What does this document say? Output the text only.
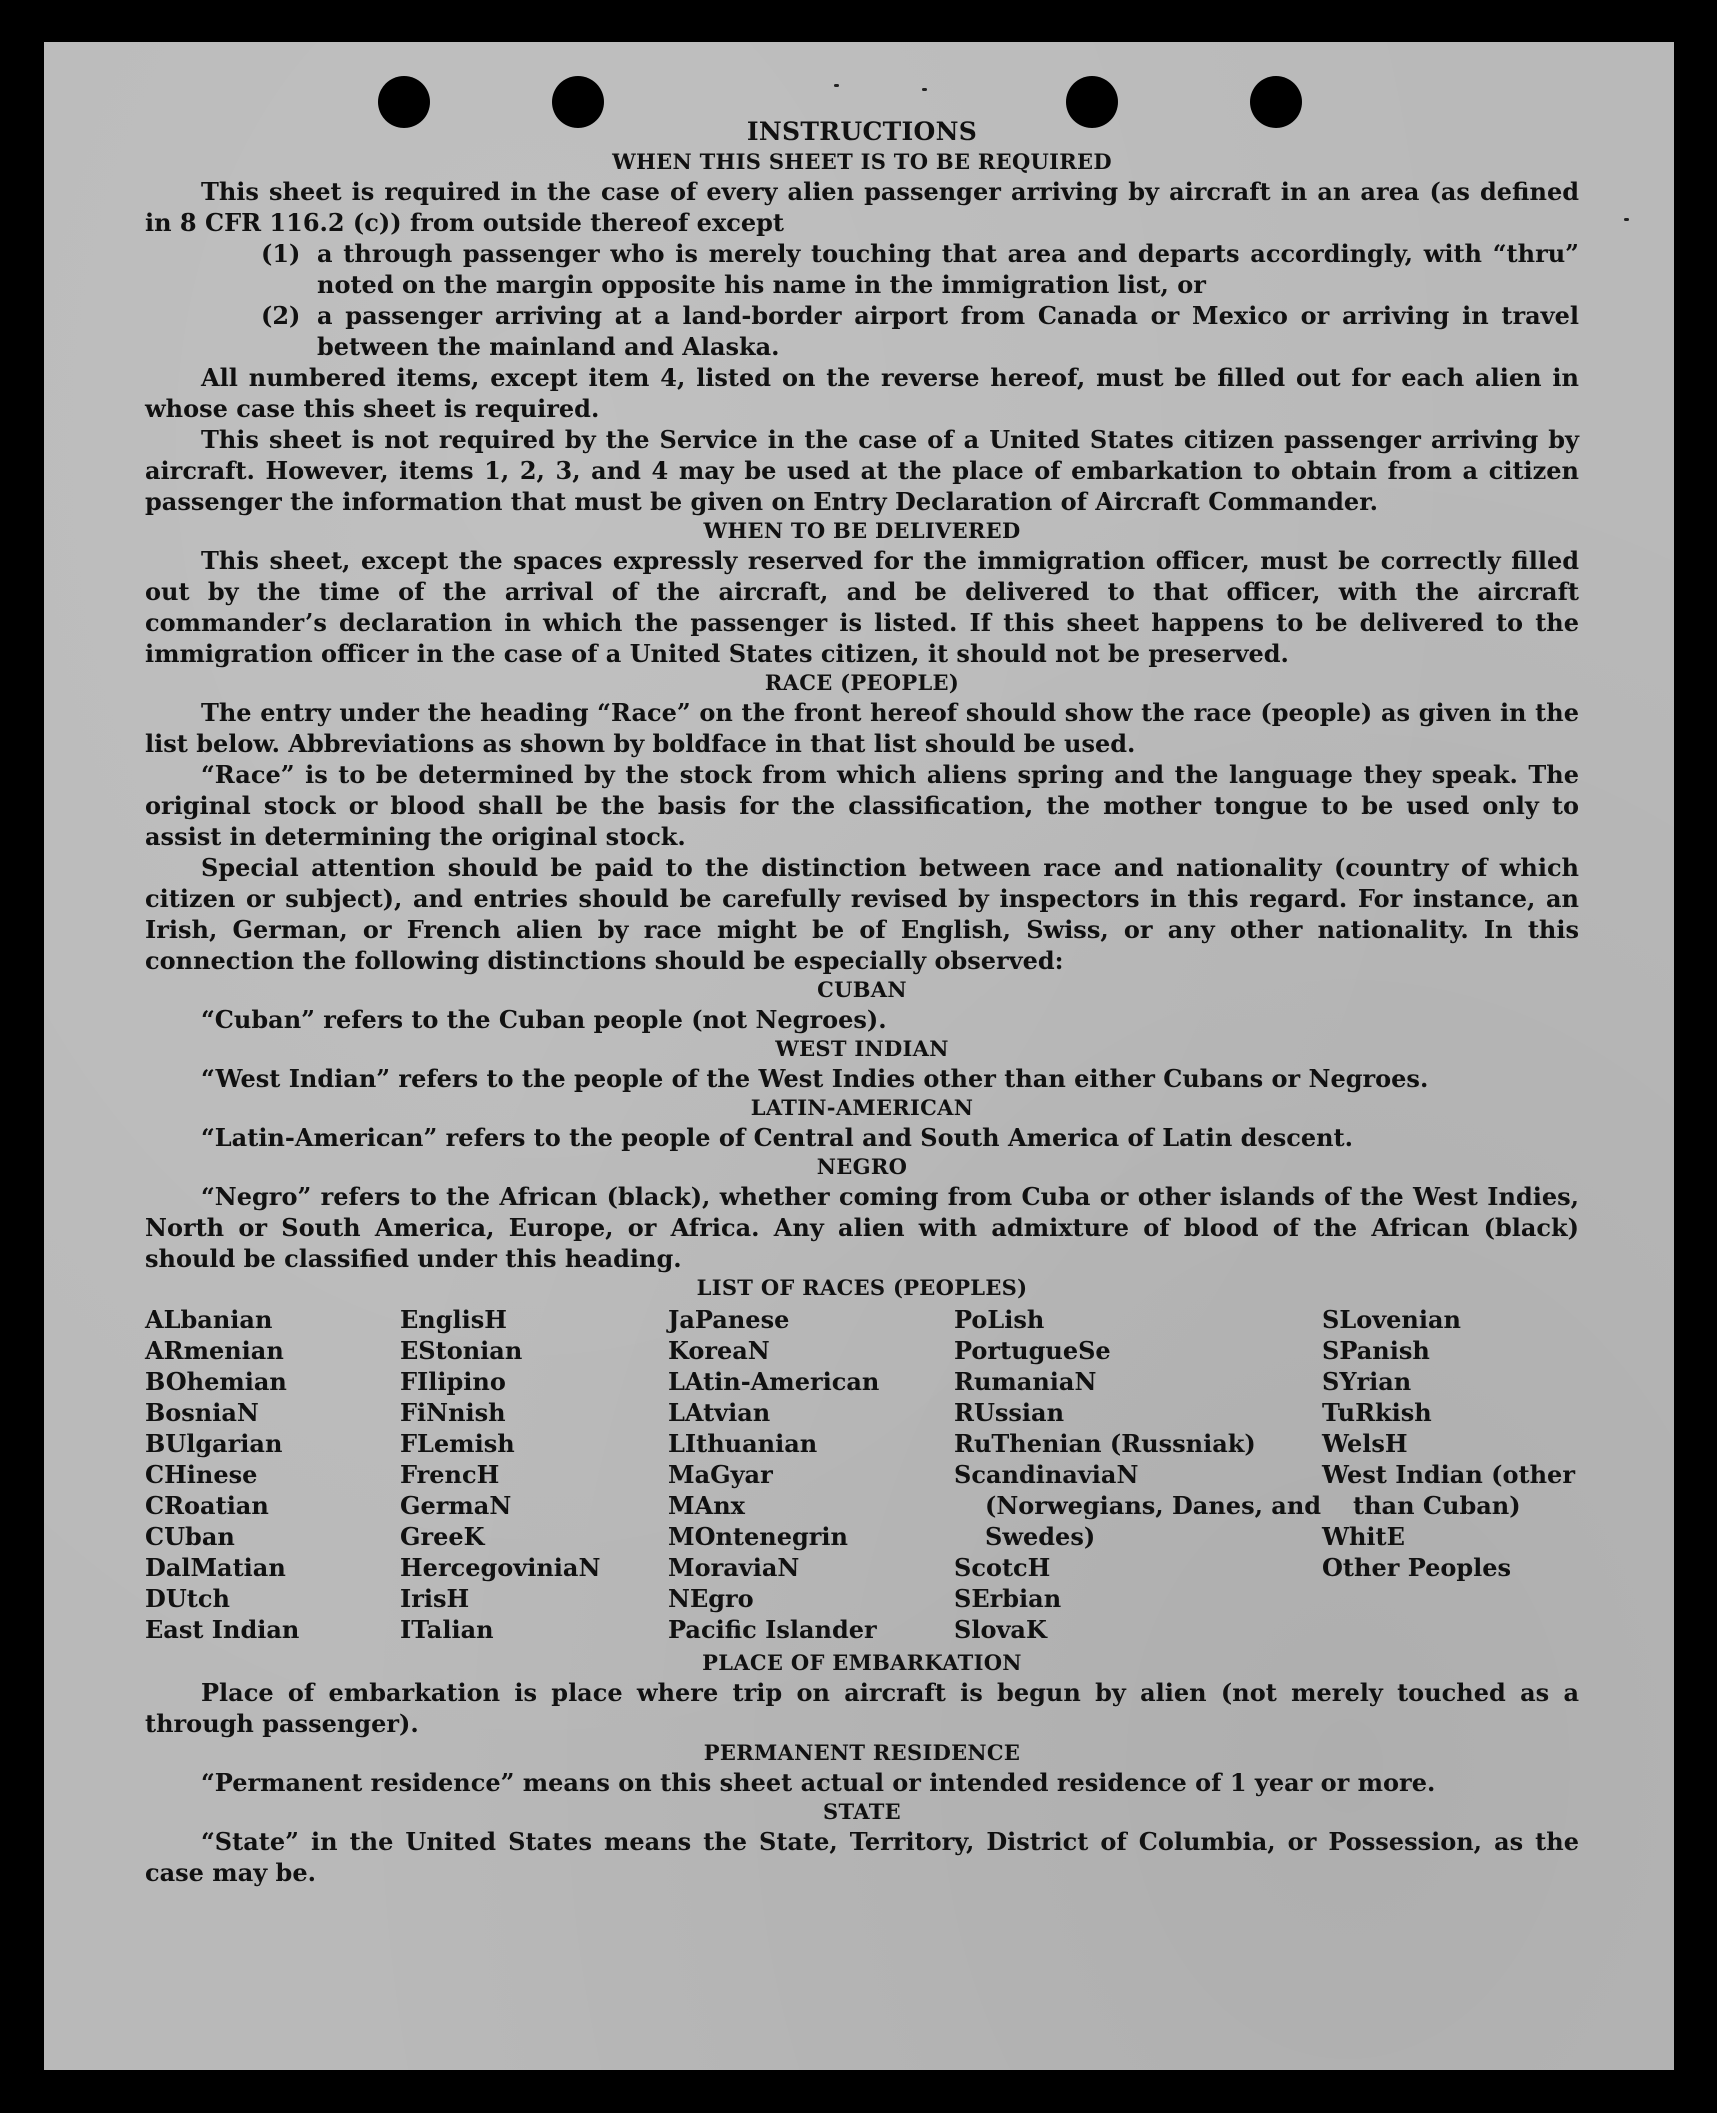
INSTRUCTIONS
WHEN THIS SHEET IS TO BE REQUIRED

This sheet is required in the case of every alien passenger arriving by aircraft in an area (as defined in 8 CFR 116.2 (c)) from outside thereof except

(1) a through passenger who is merely touching that area and departs accordingly, with “thru” noted on the margin opposite his name in the immigration list, or
(2) a passenger arriving at a land-border airport from Canada or Mexico or arriving in travel between the mainland and Alaska.

All numbered items, except item 4, listed on the reverse hereof, must be filled out for each alien in whose case this sheet is required.

This sheet is not required by the Service in the case of a United States citizen passenger arriving by aircraft. However, items 1, 2, 3, and 4 may be used at the place of embarkation to obtain from a citizen passenger the information that must be given on Entry Declaration of Aircraft Commander.

WHEN TO BE DELIVERED

This sheet, except the spaces expressly reserved for the immigration officer, must be correctly filled out by the time of the arrival of the aircraft, and be delivered to that officer, with the aircraft commander’s declaration in which the passenger is listed. If this sheet happens to be delivered to the immigration officer in the case of a United States citizen, it should not be preserved.

RACE (PEOPLE)

The entry under the heading “Race” on the front hereof should show the race (people) as given in the list below. Abbreviations as shown by boldface in that list should be used.

“Race” is to be determined by the stock from which aliens spring and the language they speak. The original stock or blood shall be the basis for the classification, the mother tongue to be used only to assist in determining the original stock.

Special attention should be paid to the distinction between race and nationality (country of which citizen or subject), and entries should be carefully revised by inspectors in this regard. For instance, an Irish, German, or French alien by race might be of English, Swiss, or any other nationality. In this connection the following distinctions should be especially observed:

CUBAN

“Cuban” refers to the Cuban people (not Negroes).

WEST INDIAN

“West Indian” refers to the people of the West Indies other than either Cubans or Negroes.

LATIN-AMERICAN

“Latin-American” refers to the people of Central and South America of Latin descent.

NEGRO

“Negro” refers to the African (black), whether coming from Cuba or other islands of the West Indies, North or South America, Europe, or Africa. Any alien with admixture of blood of the African (black) should be classified under this heading.

LIST OF RACES (PEOPLES)
ALbanian
ARmenian
BOhemian
BosniaN
BUlgarian
CHinese
CRoatian
CUban
DalMatian
DUtch
East Indian
EnglisH
EStonian
FIlipino
FiNnish
FLemish
FrencH
GermaN
GreeK
HercegoviniaN
IrisH
ITalian
JaPanese
KoreaN
LAtin-American
LAtvian
LIthuanian
MaGyar
MAnx
MOntenegrin
MoraviaN
NEgro
Pacific Islander
PoLish
PortugueSe
RumaniaN
RUssian
RuThenian (Russniak)
ScandinaviaN (Norwegians, Danes, and Swedes)
ScotcH
SErbian
SlovaK
SLovenian
SPanish
SYrian
TuRkish
WelsH
West Indian (other than Cuban)
WhitE
Other Peoples
PLACE OF EMBARKATION

Place of embarkation is place where trip on aircraft is begun by alien (not merely touched as a through passenger).

PERMANENT RESIDENCE

“Permanent residence” means on this sheet actual or intended residence of 1 year or more.

STATE

“State” in the United States means the State, Territory, District of Columbia, or Possession, as the case may be.
